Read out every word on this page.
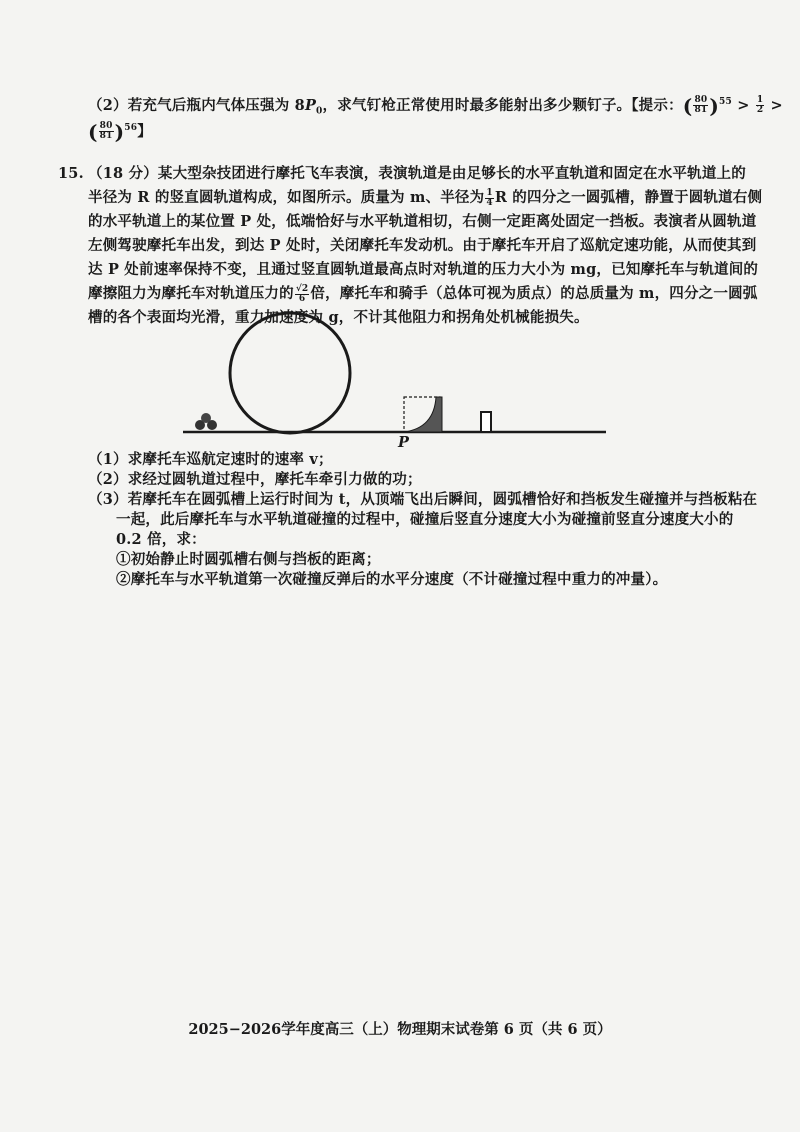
（2）若充气后瓶内气体压强为 $8P_0$，求气钉枪正常使用时最多能射出多少颗钉子。【提示：( $\frac{80}{81} )^{55} > \frac{1}{2}$ >
( $\frac{80}{81} )^{56}$】
15. （18 分）某大型杂技团进行摩托飞车表演，表演轨道是由足够长的水平直轨道和固定在水平轨道上的
半径为 R 的竖直圆轨道构成，如图所示。质量为 m、半径为 $\frac{1}{4}$ R 的四分之一圆弧槽，静置于圆轨道右侧
的水平轨道上的某位置 P 处，低端恰好与水平轨道相切，右侧一定距离处固定一挡板。表演者从圆轨道
左侧驾驶摩托车出发，到达 P 处时，关闭摩托车发动机。由于摩托车开启了巡航定速功能，从而使其到
达 P 处前速率保持不变，且通过竖直圆轨道最高点时对轨道的压力大小为 mg，已知摩托车与轨道间的
摩擦阻力为摩托车对轨道压力的 $\frac{√2}{6}$ 倍，摩托车和骑手（总体可视为质点）的总质量为 m，四分之一圆弧
槽的各个表面均光滑，重力加速度为 g，不计其他阻力和拐角处机械能损失。
P
（1）求摩托车巡航定速时的速率 v；
（2）求经过圆轨道过程中，摩托车牵引力做的功；
（3）若摩托车在圆弧槽上运行时间为 t，从顶端飞出后瞬间，圆弧槽恰好和挡板发生碰撞并与挡板粘在
一起，此后摩托车与水平轨道碰撞的过程中，碰撞后竖直分速度大小为碰撞前竖直分速度大小的
0.2 倍，求：
①初始静止时圆弧槽右侧与挡板的距离；
②摩托车与水平轨道第一次碰撞反弹后的水平分速度（不计碰撞过程中重力的冲量）。
2025−2026学年度高三（上）物理期末试卷第 6 页（共 6 页）
